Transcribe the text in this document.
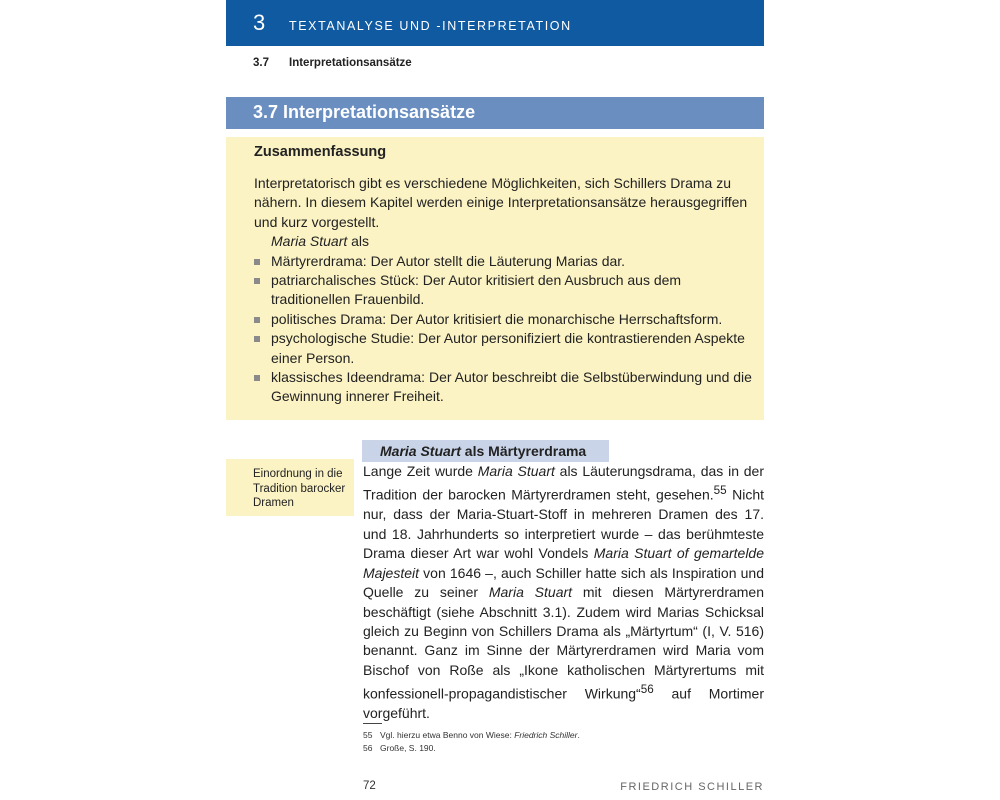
3 TEXTANALYSE UND -INTERPRETATION
3.7 Interpretationsansätze
3.7 Interpretationsansätze
Zusammenfassung

Interpretatorisch gibt es verschiedene Möglichkeiten, sich Schillers Drama zu nähern. In diesem Kapitel werden einige Interpretationsansätze herausgegriffen und kurz vorgestellt.

Maria Stuart als

Märtyrerdrama: Der Autor stellt die Läuterung Marias dar.
patriarchalisches Stück: Der Autor kritisiert den Ausbruch aus dem traditionellen Frauenbild.
politisches Drama: Der Autor kritisiert die monarchische Herrschaftsform.
psychologische Studie: Der Autor personifiziert die kontrastierenden Aspekte einer Person.
klassisches Ideendrama: Der Autor beschreibt die Selbstüberwindung und die Gewinnung innerer Freiheit.
Maria Stuart als Märtyrerdrama
Einordnung in die Tradition barocker Dramen

Lange Zeit wurde Maria Stuart als Läuterungsdrama, das in der Tradition der barocken Märtyrerdramen steht, gesehen.$^{55}$ Nicht nur, dass der Maria-Stuart-Stoff in mehreren Dramen des 17. und 18. Jahrhunderts so interpretiert wurde – das berühmteste Drama dieser Art war wohl Vondels Maria Stuart of gemartelde Majesteit von 1646 –, auch Schiller hatte sich als Inspiration und Quelle zu seiner Maria Stuart mit diesen Märtyrerdramen beschäftigt (siehe Abschnitt 3.1). Zudem wird Marias Schicksal gleich zu Beginn von Schillers Drama als „Märtyrtum“ (I, V. 516) benannt. Ganz im Sinne der Märtyrerdramen wird Maria vom Bischof von Roße als „Ikone katholischen Märtyrertums mit konfessionell-propagandistischer Wirkung“$^{56}$ auf Mortimer vorgeführt.

55 Vgl. hierzu etwa Benno von Wiese: Friedrich Schiller.
56 Große, S. 190.
72	FRIEDRICH SCHILLER
